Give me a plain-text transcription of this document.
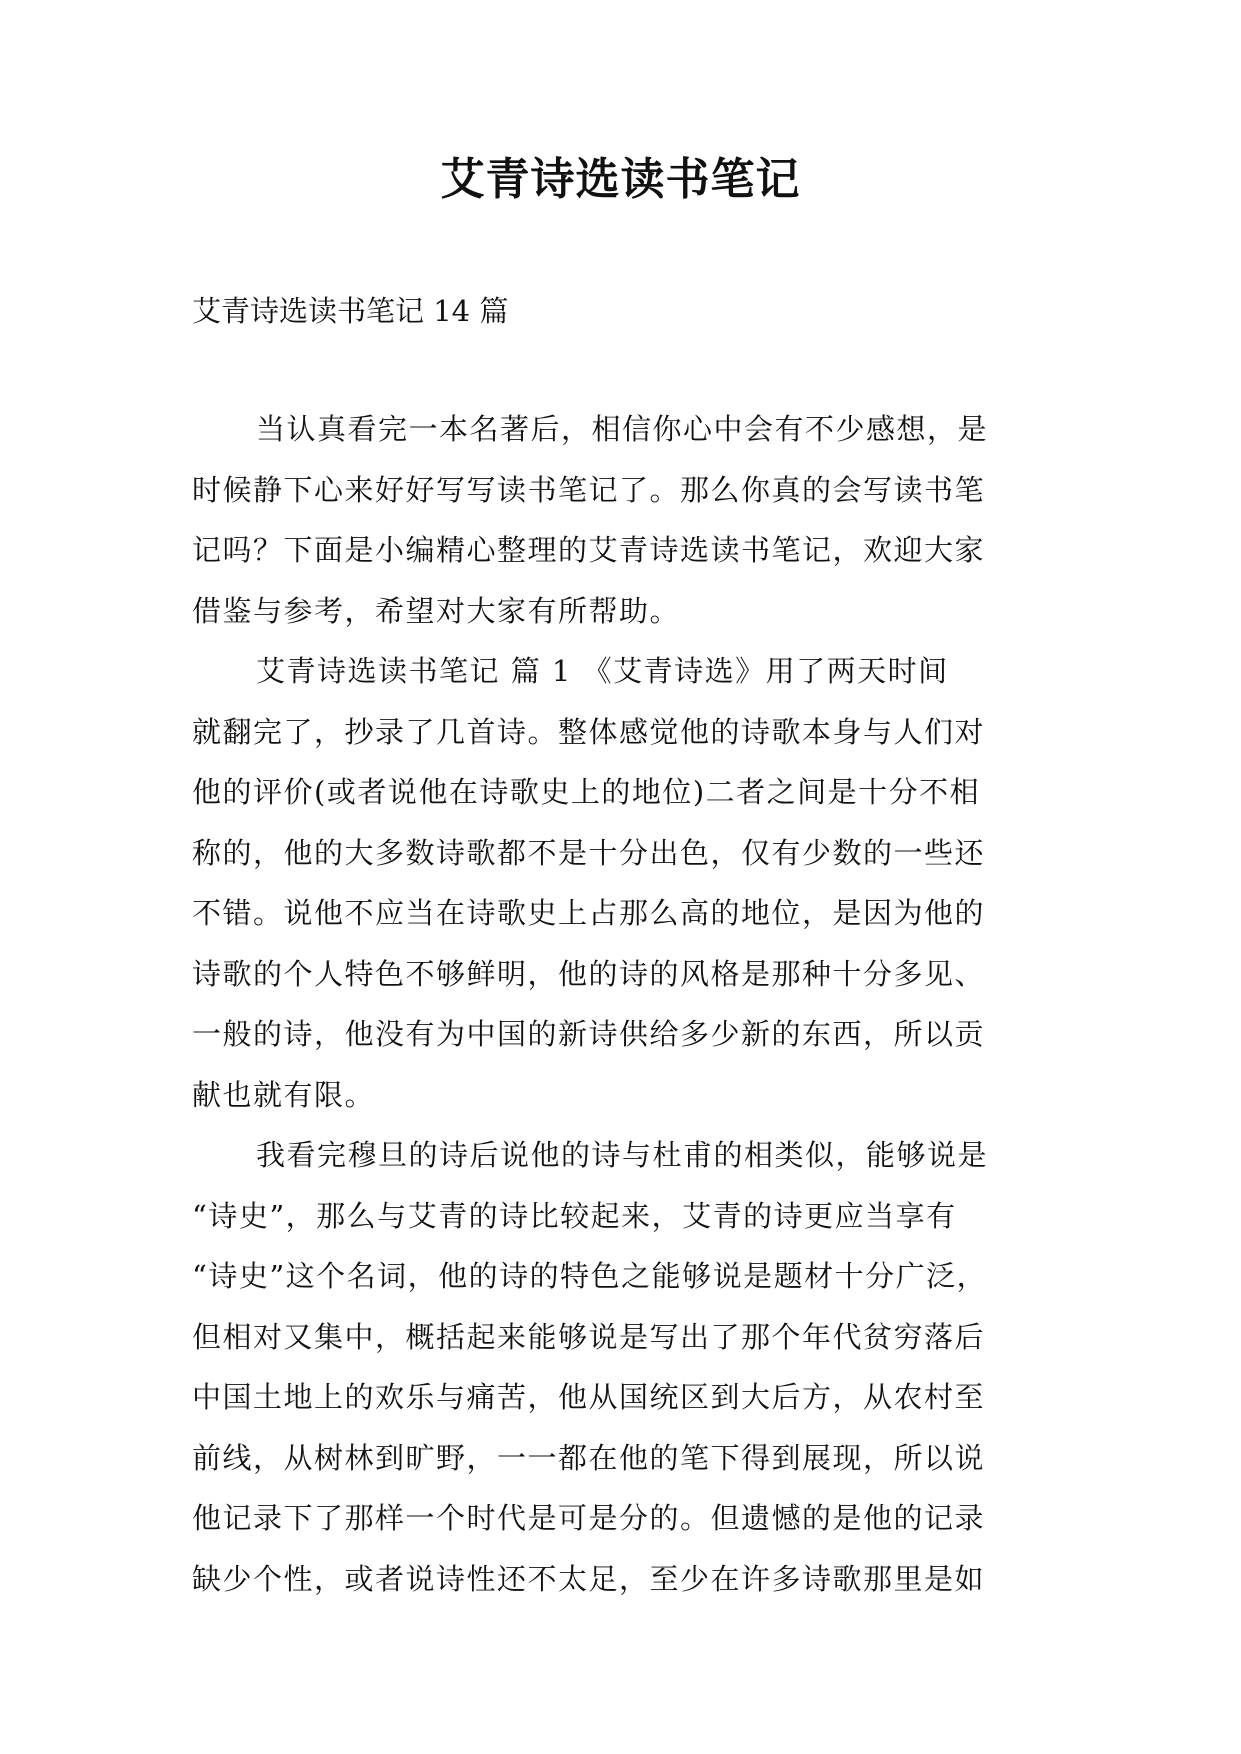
艾青诗选读书笔记

艾青诗选读书笔记 14 篇

当认真看完一本名著后，相信你心中会有不少感想，是
时候静下心来好好写写读书笔记了。那么你真的会写读书笔
记吗？下面是小编精心整理的艾青诗选读书笔记，欢迎大家
借鉴与参考，希望对大家有所帮助。
艾青诗选读书笔记 篇 1 《艾青诗选》用了两天时间
就翻完了，抄录了几首诗。整体感觉他的诗歌本身与人们对
他的评价(或者说他在诗歌史上的地位)二者之间是十分不相
称的，他的大多数诗歌都不是十分出色，仅有少数的一些还
不错。说他不应当在诗歌史上占那么高的地位，是因为他的
诗歌的个人特色不够鲜明，他的诗的风格是那种十分多见、
一般的诗，他没有为中国的新诗供给多少新的东西，所以贡
献也就有限。
我看完穆旦的诗后说他的诗与杜甫的相类似，能够说是
“诗史”，那么与艾青的诗比较起来，艾青的诗更应当享有
“诗史”这个名词，他的诗的特色之能够说是题材十分广泛，
但相对又集中，概括起来能够说是写出了那个年代贫穷落后
中国土地上的欢乐与痛苦，他从国统区到大后方，从农村至
前线，从树林到旷野，一一都在他的笔下得到展现，所以说
他记录下了那样一个时代是可是分的。但遗憾的是他的记录
缺少个性，或者说诗性还不太足，至少在许多诗歌那里是如
